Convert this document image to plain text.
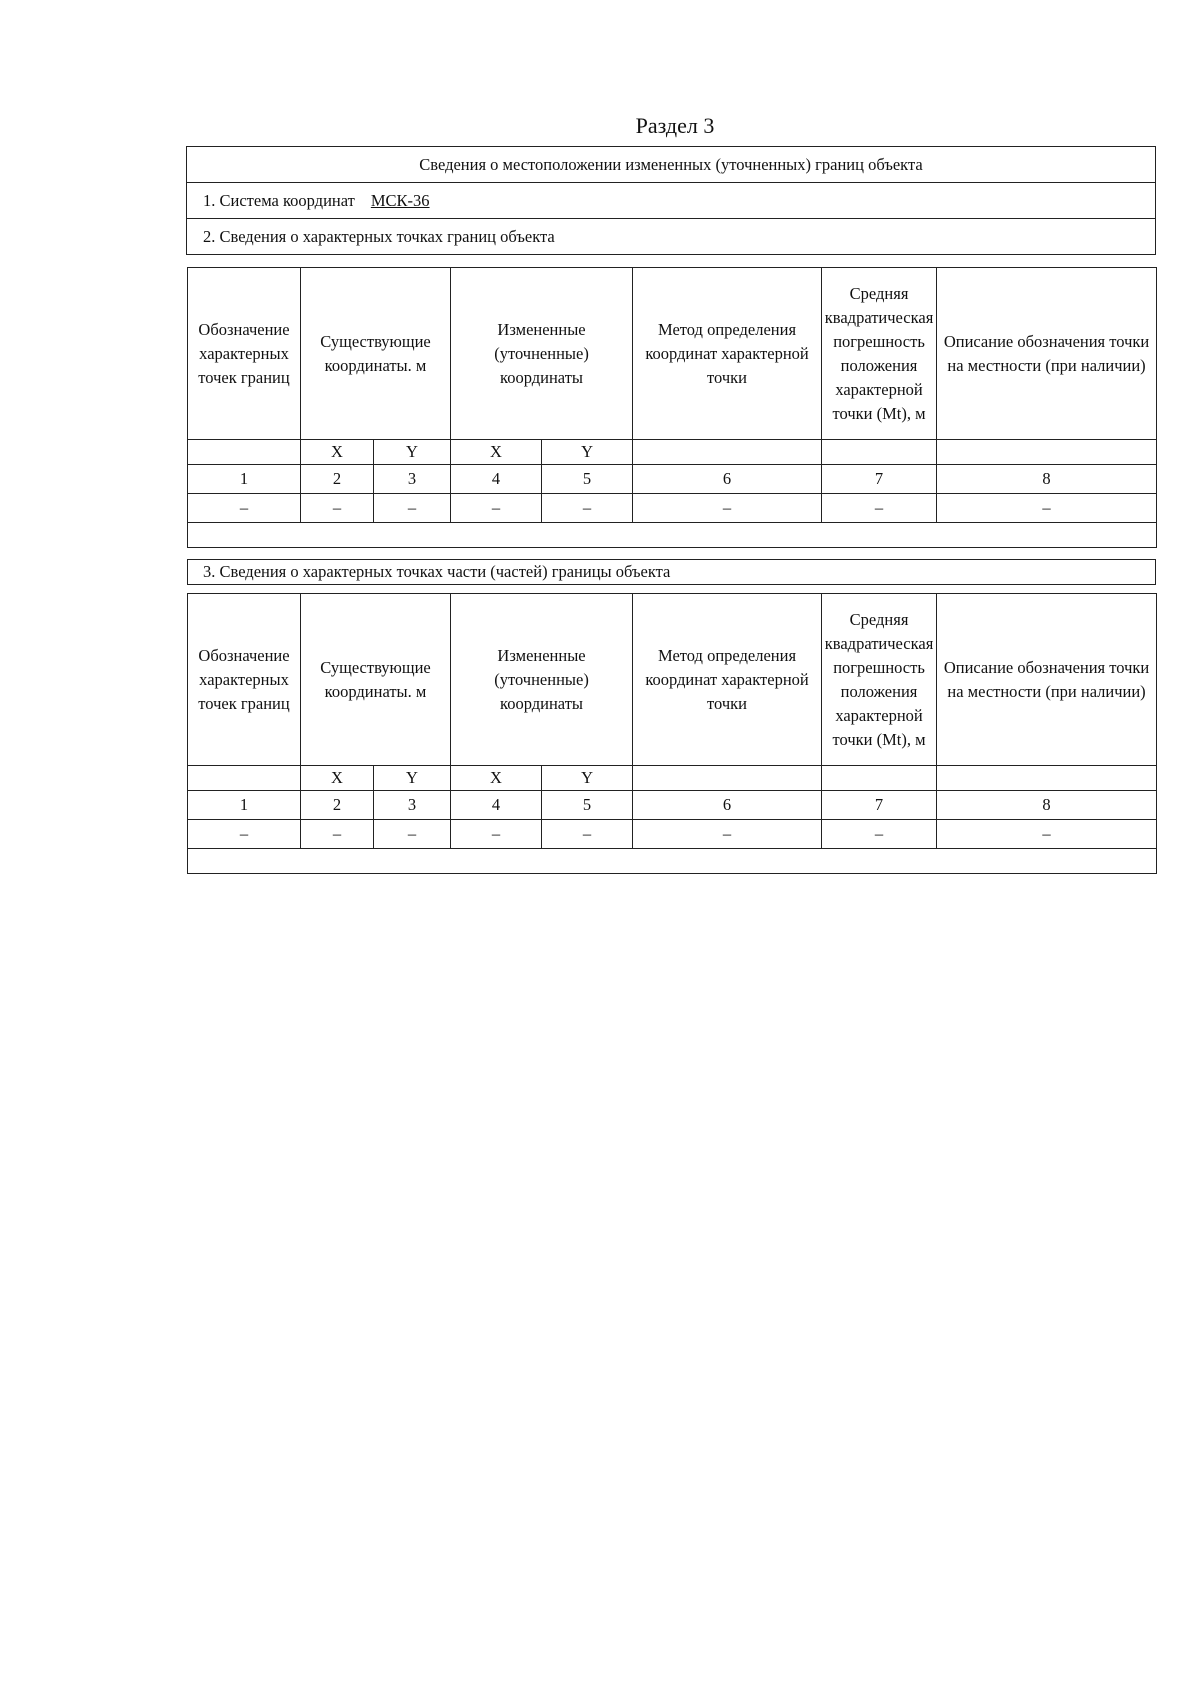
Раздел 3
Сведения о местоположении измененных (уточненных) границ объекта
1. Система координат МСК-36
2. Сведения о характерных точках границ объекта
Обозначение характерных точек границ	Существующие координаты. м		Измененные (уточненные) координаты		Метод определения координат характерной точки	Средняя квадратическая погрешность положения характерной точки (Mt), м	Описание обозначения точки на местности (при наличии)
	X	Y	X	Y			
1	2	3	4	5	6	7	8
–	–	–	–	–	–	–	–

3. Сведения о характерных точках части (частей) границы объекта
Обозначение характерных точек границ	Существующие координаты. м		Измененные (уточненные) координаты		Метод определения координат характерной точки	Средняя квадратическая погрешность положения характерной точки (Mt), м	Описание обозначения точки на местности (при наличии)
	X	Y	X	Y			
1	2	3	4	5	6	7	8
–	–	–	–	–	–	–	–
